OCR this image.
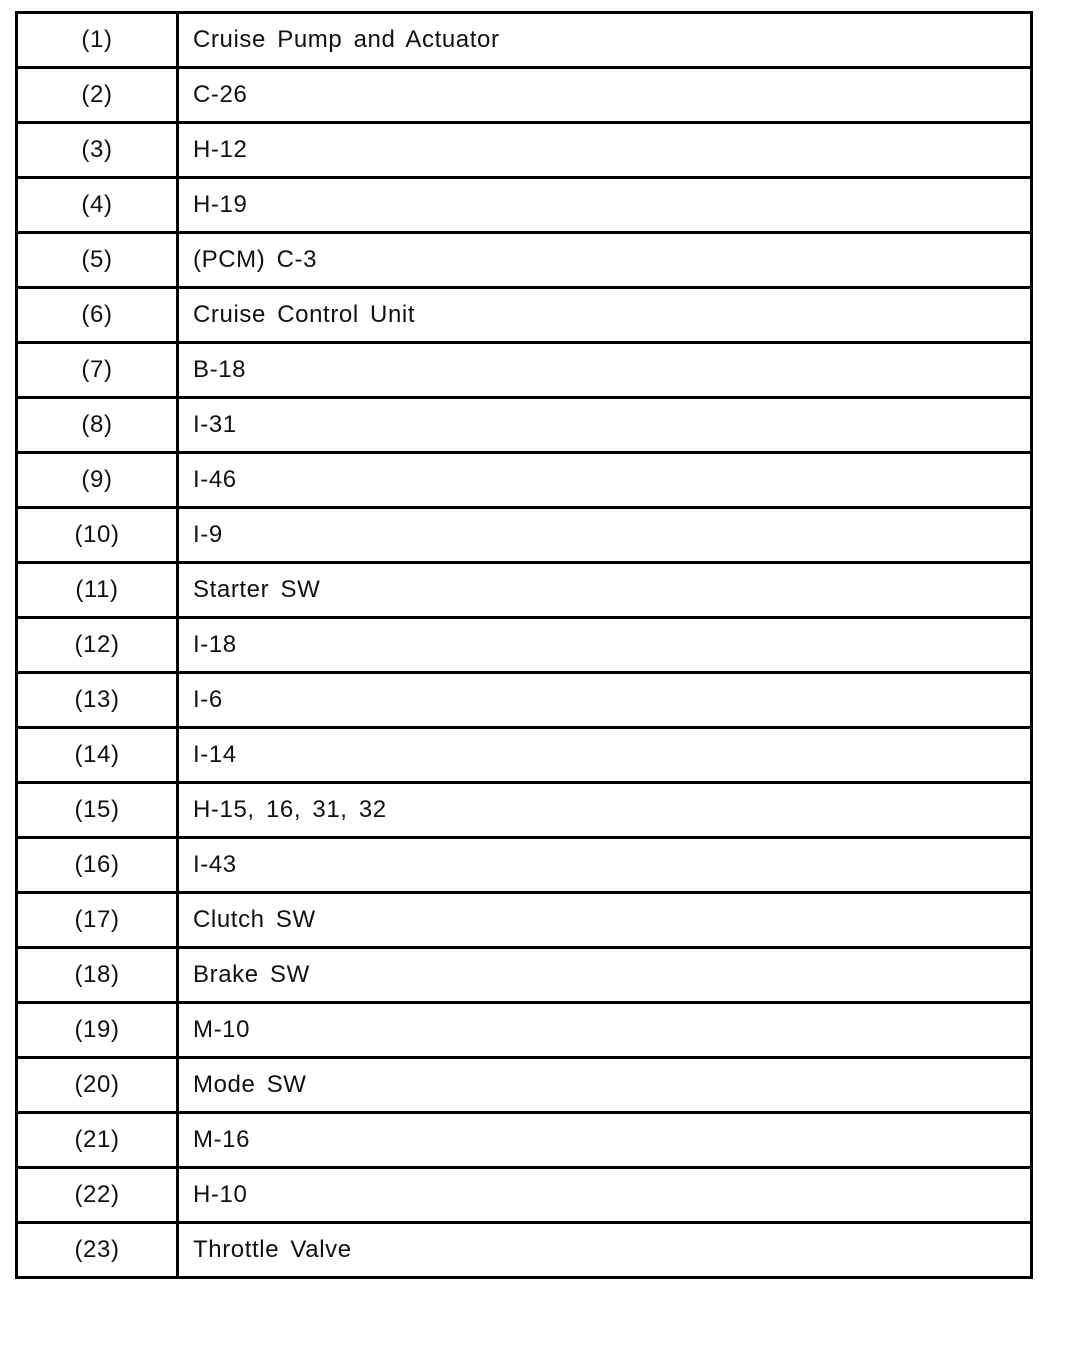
(1)	Cruise Pump and Actuator
(2)	C-26
(3)	H-12
(4)	H-19
(5)	(PCM) C-3
(6)	Cruise Control Unit
(7)	B-18
(8)	I-31
(9)	I-46
(10)	I-9
(11)	Starter SW
(12)	I-18
(13)	I-6
(14)	I-14
(15)	H-15, 16, 31, 32
(16)	I-43
(17)	Clutch SW
(18)	Brake SW
(19)	M-10
(20)	Mode SW
(21)	M-16
(22)	H-10
(23)	Throttle Valve
